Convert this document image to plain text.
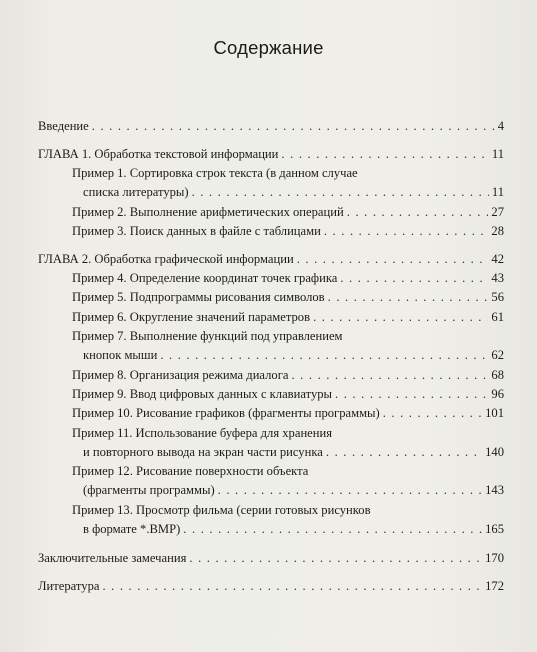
Содержание
Введение . . .	4
ГЛАВА 1. Обработка текстовой информации . . .	11
Пример 1. Сортировка строк текста (в данном случае
списка литературы) . . .	11
Пример 2. Выполнение арифметических операций . . .	27
Пример 3. Поиск данных в файле с таблицами . . .	28
ГЛАВА 2. Обработка графической информации . . .	42
Пример 4. Определение координат точек графика . . .	43
Пример 5. Подпрограммы рисования символов . . .	56
Пример 6. Округление значений параметров . . .	61
Пример 7. Выполнение функций под управлением
кнопок мыши . . .	62
Пример 8. Организация режима диалога . . .	68
Пример 9. Ввод цифровых данных с клавиатуры . . .	96
Пример 10. Рисование графиков (фрагменты программы) . . .	101
Пример 11. Использование буфера для хранения
и повторного вывода на экран части рисунка . . .	140
Пример 12. Рисование поверхности объекта
(фрагменты программы) . . .	143
Пример 13. Просмотр фильма (серии готовых рисунков
в формате *.BMP) . . .	165
Заключительные замечания . . .	170
Литература . . .	172
